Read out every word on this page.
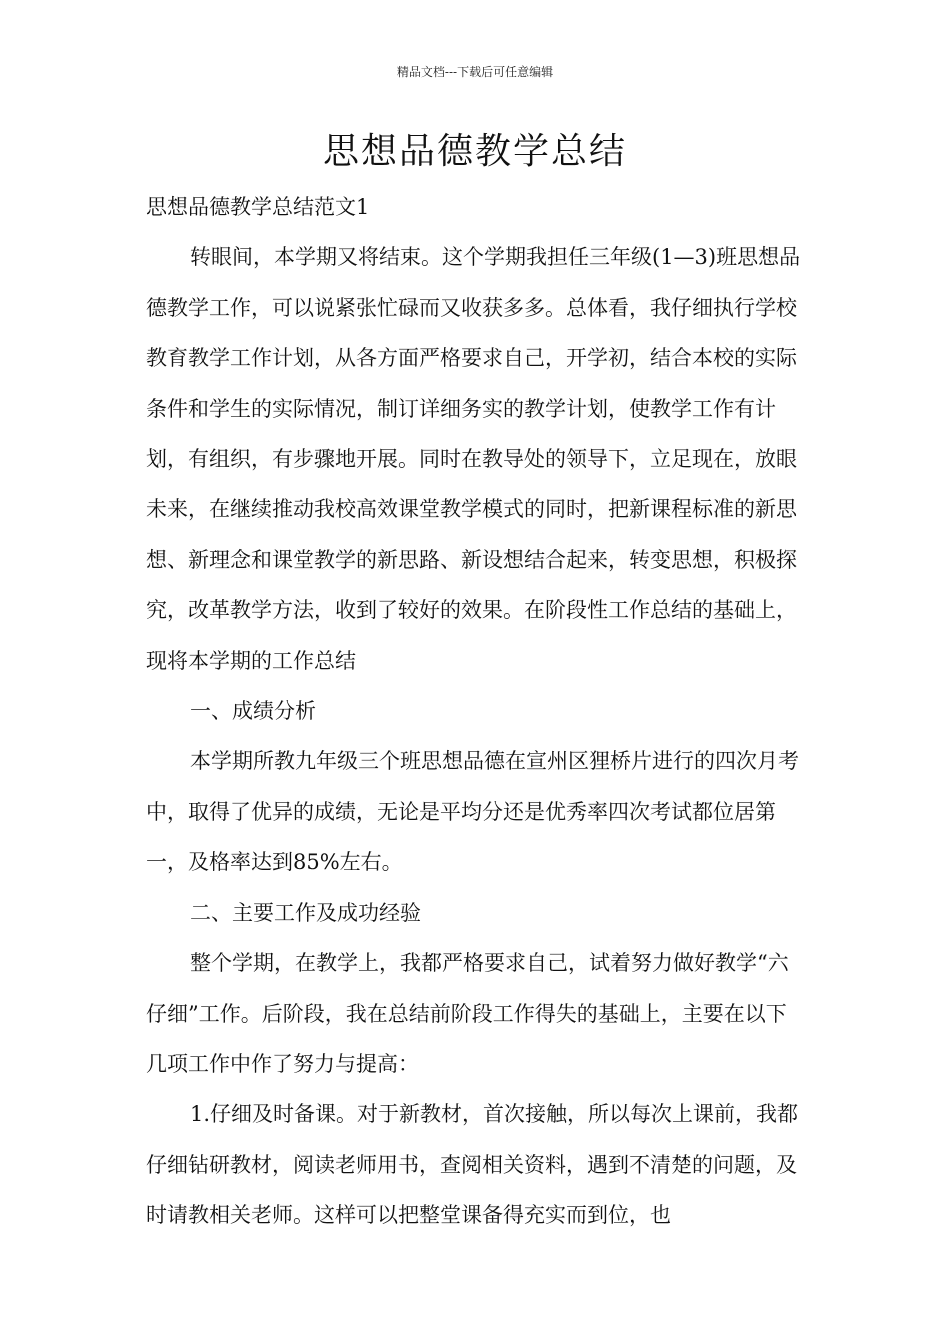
精品文档---下载后可任意编辑
思想品德教学总结

思想品德教学总结范文1

转眼间，本学期又将结束。这个学期我担任三年级(1—3)班思想品德教学工作，可以说紧张忙碌而又收获多多。总体看，我仔细执行学校教育教学工作计划，从各方面严格要求自己，开学初，结合本校的实际条件和学生的实际情况，制订详细务实的教学计划，使教学工作有计划，有组织，有步骤地开展。同时在教导处的领导下，立足现在，放眼未来，在继续推动我校高效课堂教学模式的同时，把新课程标准的新思想、新理念和课堂教学的新思路、新设想结合起来，转变思想，积极探究，改革教学方法，收到了较好的效果。在阶段性工作总结的基础上，现将本学期的工作总结

一、成绩分析

本学期所教九年级三个班思想品德在宣州区狸桥片进行的四次月考中，取得了优异的成绩，无论是平均分还是优秀率四次考试都位居第一，及格率达到85%左右。

二、主要工作及成功经验

整个学期，在教学上，我都严格要求自己，试着努力做好教学“六仔细”工作。后阶段，我在总结前阶段工作得失的基础上，主要在以下几项工作中作了努力与提高：

1.仔细及时备课。对于新教材，首次接触，所以每次上课前，我都仔细钻研教材，阅读老师用书，查阅相关资料，遇到不清楚的问题，及时请教相关老师。这样可以把整堂课备得充实而到位，也
